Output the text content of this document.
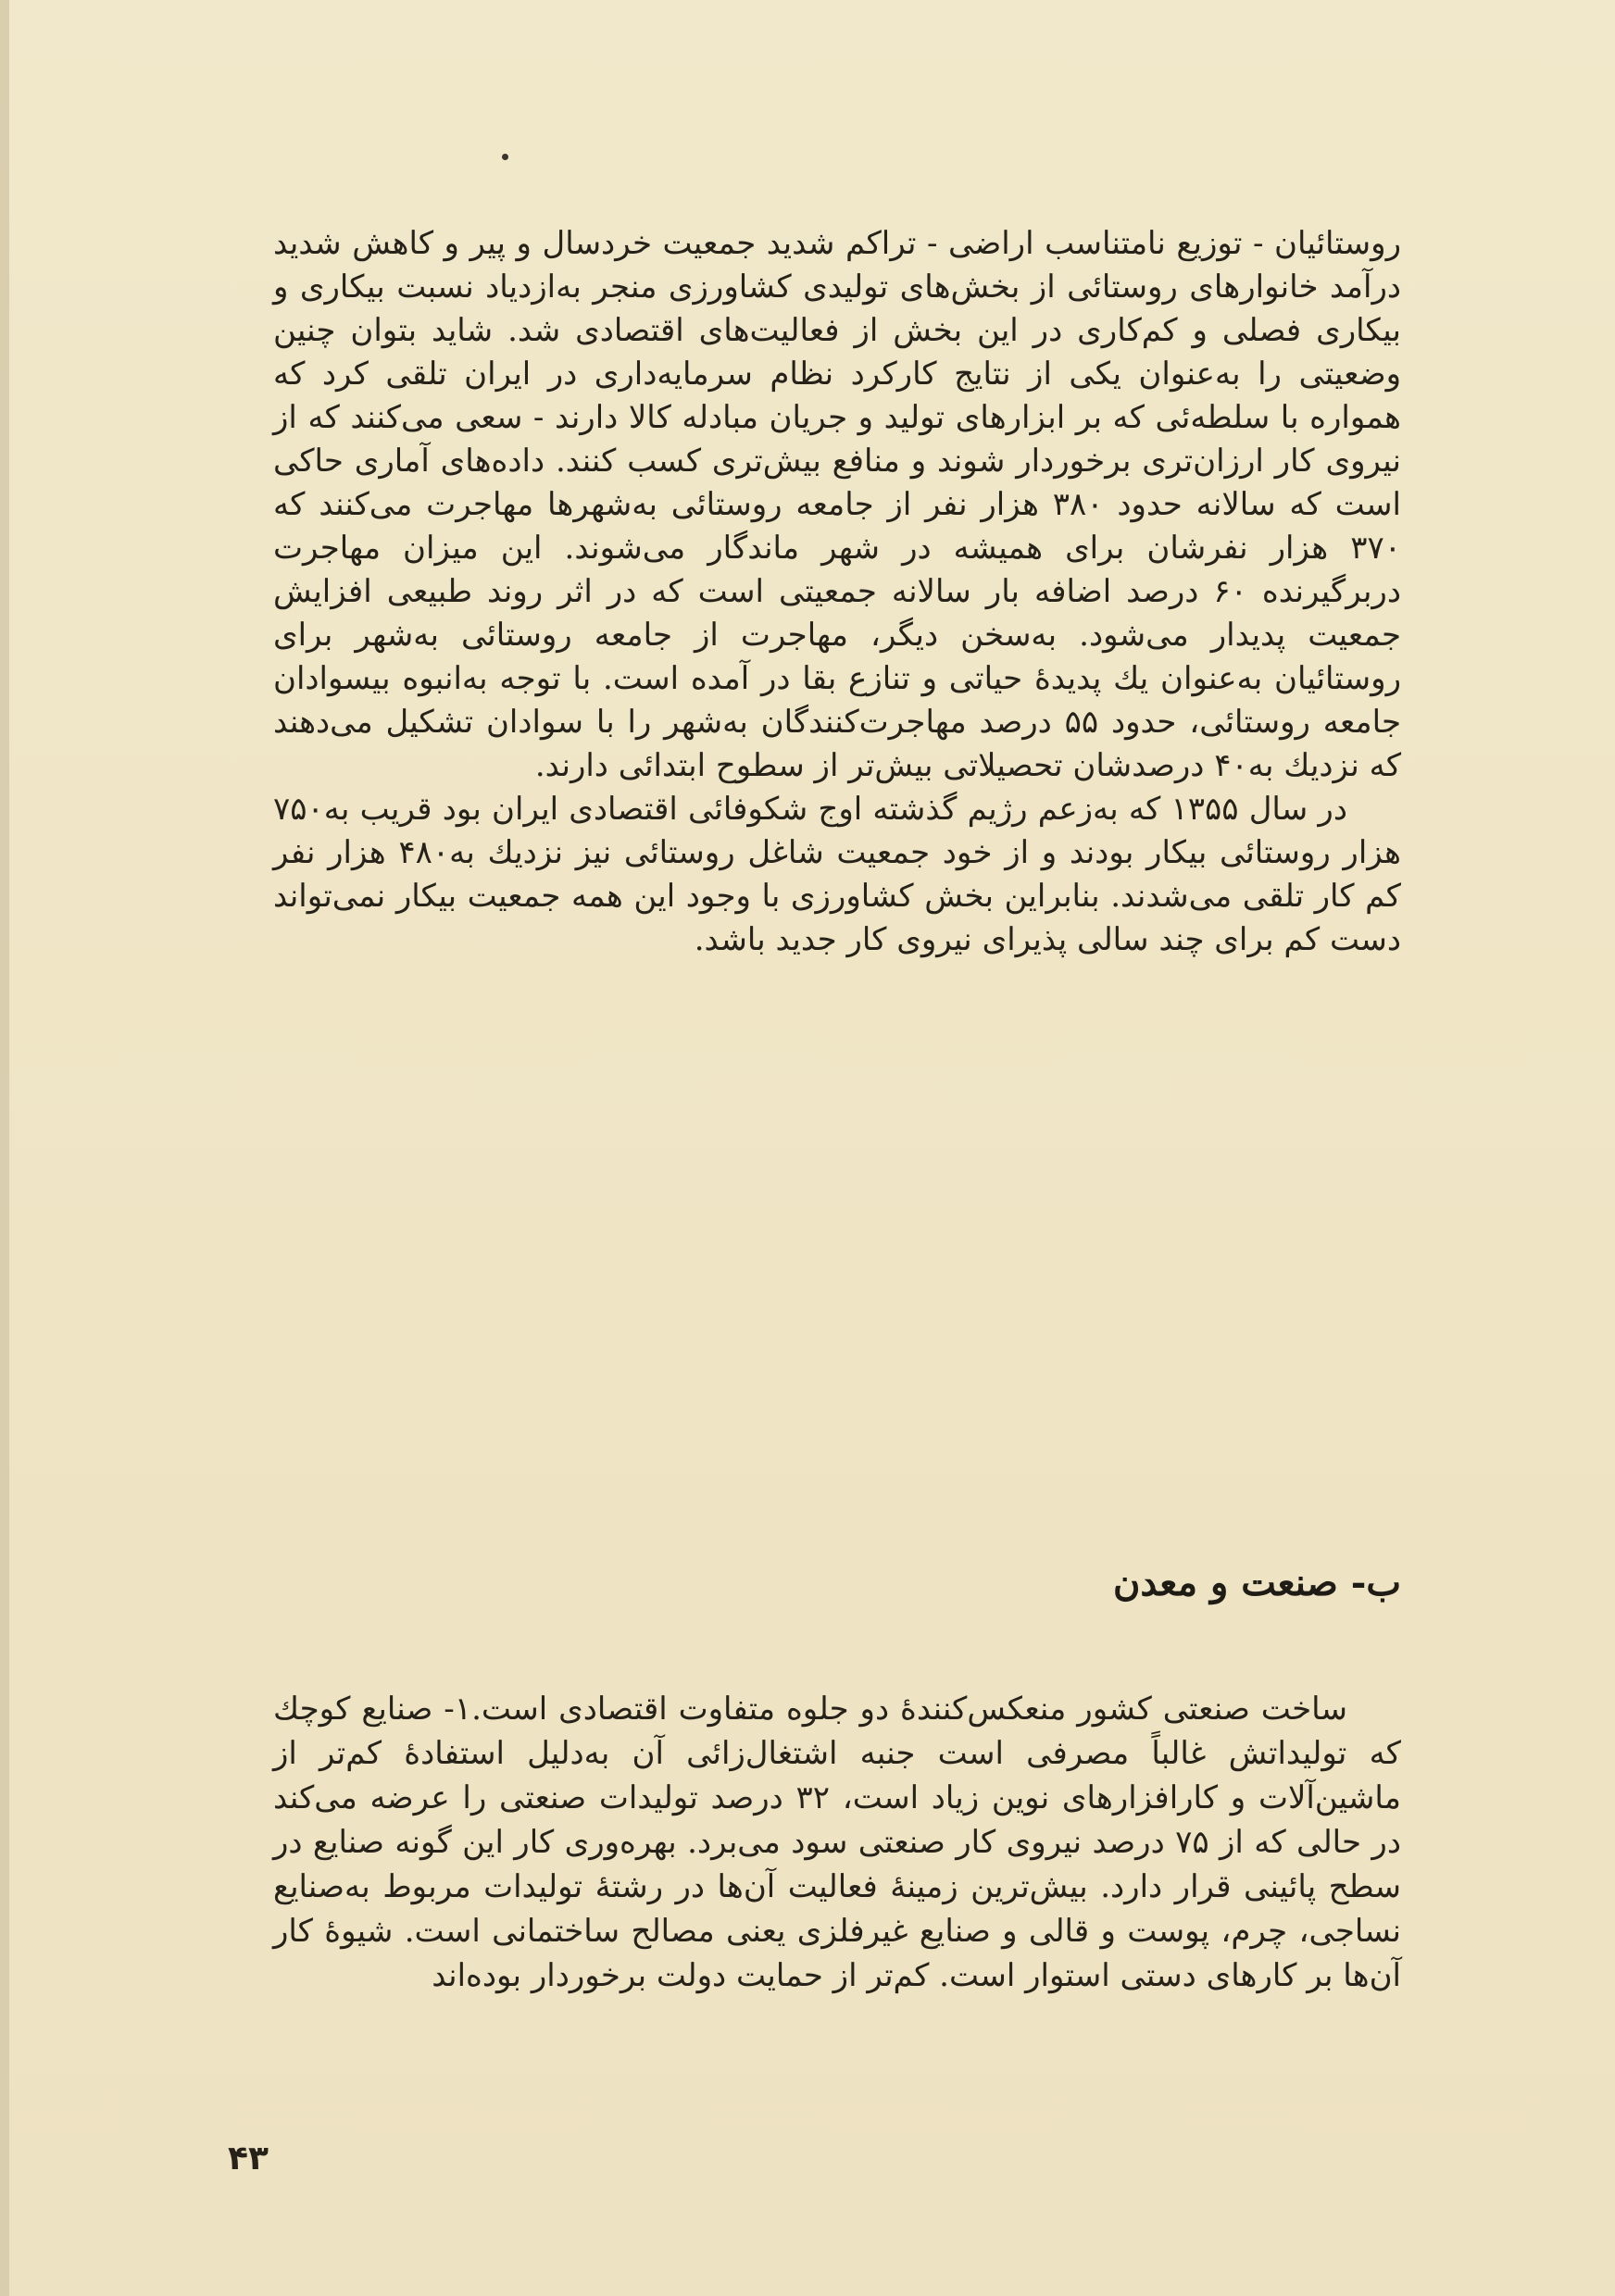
روستائیان - توزیع نامتناسب اراضی - تراکم شدید جمعیت خردسال و پیر و کاهش شدید درآمد خانوارهای روستائی از بخش‌های تولیدی کشاورزی منجر به‌ازدیاد نسبت بیکاری و بیکاری فصلی و کم‌کاری در این بخش از فعالیت‌های اقتصادی شد. شاید بتوان چنین وضعیتی را به‌عنوان یکی از نتایج کارکرد نظام سرمایه‌داری در ایران تلقی کرد که همواره با سلطه‌ئی که بر ابزارهای تولید و جریان مبادله کالا دارند - سعی می‌کنند که از نیروی کار ارزان‌تری برخوردار شوند و منافع بیش‌تری کسب کنند. داده‌های آماری حاکی است که سالانه حدود ۳۸۰ هزار نفر از جامعه روستائی به‌شهرها مهاجرت می‌کنند که ۳۷۰ هزار نفرشان برای همیشه در شهر ماندگار می‌شوند. این میزان مهاجرت دربرگیرنده ۶۰ درصد اضافه بار سالانه جمعیتی است که در اثر روند طبیعی افزایش جمعیت پدیدار می‌شود. به‌سخن دیگر، مهاجرت از جامعه روستائی به‌شهر برای روستائیان به‌عنوان یك پدیدهٔ حیاتی و تنازع بقا در آمده است. با توجه به‌انبوه بیسوادان جامعه روستائی، حدود ۵۵ درصد مهاجرت‌کنندگان به‌شهر را با سوادان تشکیل می‌دهند که نزدیك به‌۴۰ درصدشان تحصیلاتی بیش‌تر از سطوح ابتدائی دارند.

در سال ۱۳۵۵ که به‌زعم رژیم گذشته اوج شکوفائی اقتصادی ایران بود قریب به‌۷۵۰ هزار روستائی بیکار بودند و از خود جمعیت شاغل روستائی نیز نزدیك به‌۴۸۰ هزار نفر کم کار تلقی می‌شدند. بنابراین بخش کشاورزی با وجود این همه جمعیت بیکار نمی‌تواند دست کم برای چند سالی پذیرای نیروی کار جدید باشد.

ب- صنعت و معدن

ساخت صنعتی کشور منعکس‌کنندهٔ دو جلوه متفاوت اقتصادی است.۱- صنایع کوچك که تولیداتش غالباً مصرفی است جنبه اشتغال‌زائی آن به‌دلیل استفادهٔ کم‌تر از ماشین‌آلات و کارافزارهای نوین زیاد است، ۳۲ درصد تولیدات صنعتی را عرضه می‌کند در حالی که از ۷۵ درصد نیروی کار صنعتی سود می‌برد. بهره‌وری کار این گونه صنایع در سطح پائینی قرار دارد. بیش‌ترین زمینهٔ فعالیت آن‌ها در رشتهٔ تولیدات مربوط به‌صنایع نساجی، چرم، پوست و قالی و صنایع غیرفلزی یعنی مصالح ساختمانی است. شیوهٔ کار آن‌ها بر کارهای دستی استوار است. کم‌تر از حمایت دولت برخوردار بوده‌اند

۴۳
